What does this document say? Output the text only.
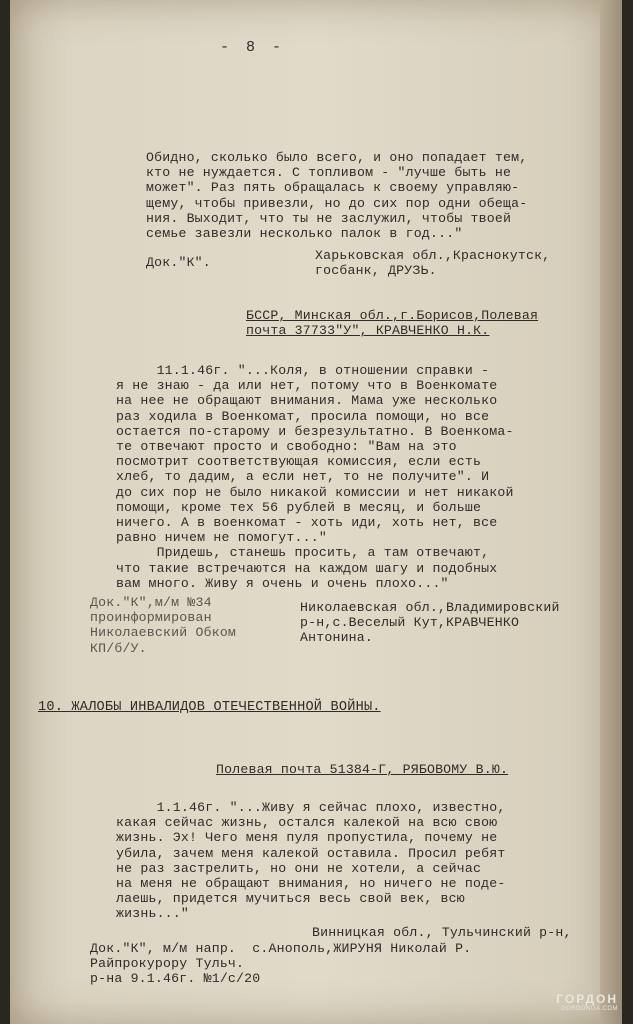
- 8 -
Обидно, сколько было всего, и оно попадает тем,
кто не нуждается. С топливом - "лучше быть не
может". Раз пять обращалась к своему управляю-
щему, чтобы привезли, но до сих пор одни обеща-
ния. Выходит, что ты не заслужил, чтобы твоей
семье завезли несколько палок в год..."
Док."К".	Харьковская обл.,Краснокутск,
госбанк, ДРУЗЬ.
БССР, Минская обл.,г.Борисов,Полевая
почта 37733"У", КРАВЧЕНКО Н.К.
11.1.46г. "...Коля, в отношении справки -
я не знаю - да или нет, потому что в Военкомате
на нее не обращают внимания. Мама уже несколько
раз ходила в Военкомат, просила помощи, но все
остается по-старому и безрезультатно. В Военкома-
те отвечают просто и свободно: "Вам на это
посмотрит соответствующая комиссия, если есть
хлеб, то дадим, а если нет, то не получите". И
до сих пор не было никакой комиссии и нет никакой
помощи, кроме тех 56 рублей в месяц, и больше
ничего. А в военкомат - хоть иди, хоть нет, все
равно ничем не помогут..."
Придешь, станешь просить, а там отвечают,
что такие встречаются на каждом шагу и подобных
вам много. Живу я очень и очень плохо..."
Док."К",м/м №34
проинформирован
Николаевский Обком
КП/б/У.
Николаевская обл.,Владимировский
р-н,с.Веселый Кут,КРАВЧЕНКО
Антонина.
10. ЖАЛОБЫ ИНВАЛИДОВ ОТЕЧЕСТВЕННОЙ ВОЙНЫ.
Полевая почта 51384-Г, РЯБОВОМУ В.Ю.
1.1.46г. "...Живу я сейчас плохо, известно,
какая сейчас жизнь, остался калекой на всю свою
жизнь. Эх! Чего меня пуля пропустила, почему не
убила, зачем меня калекой оставила. Просил ребят
не раз застрелить, но они не хотели, а сейчас
на меня не обращают внимания, но ничего не поде-
лаешь, придется мучиться весь свой век, всю
жизнь..."
Винницкая обл., Тульчинский р-н,
Док."К", м/м напр.  с.Анополь,ЖИРУНЯ Николай Р.
Райпрокурору Тульч.
р-на 9.1.46г. №1/с/20
ГОРДОН
GORDONUA.COM
